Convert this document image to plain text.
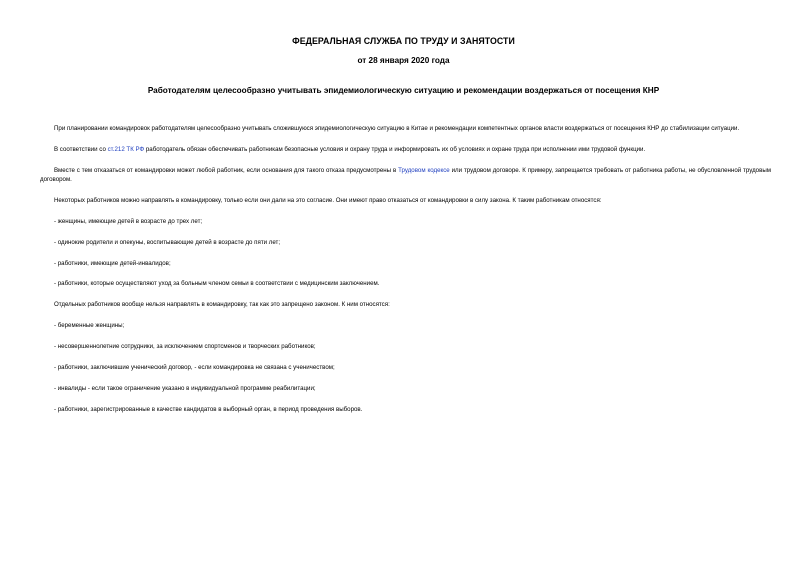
ФЕДЕРАЛЬНАЯ СЛУЖБА ПО ТРУДУ И ЗАНЯТОСТИ
от 28 января 2020 года
Работодателям целесообразно учитывать эпидемиологическую ситуацию и рекомендации воздержаться от посещения КНР

При планировании командировок работодателям целесообразно учитывать сложившуюся эпидемиологическую ситуацию в Китае и рекомендации компетентных органов власти воздержаться от посещения КНР до стабилизации ситуации.

В соответствии со ст.212 ТК РФ работодатель обязан обеспечивать работникам безопасные условия и охрану труда и информировать их об условиях и охране труда при исполнении ими трудовой функции.

Вместе с тем отказаться от командировки может любой работник, если основания для такого отказа предусмотрены в Трудовом кодексе или трудовом договоре. К примеру, запрещается требовать от работника работы, не обусловленной трудовым договором.

Некоторых работников можно направлять в командировку, только если они дали на это согласие. Они имеют право отказаться от командировки в силу закона. К таким работникам относятся:

- женщины, имеющие детей в возрасте до трех лет;

- одинокие родители и опекуны, воспитывающие детей в возрасте до пяти лет;

- работники, имеющие детей-инвалидов;

- работники, которые осуществляют уход за больным членом семьи в соответствии с медицинским заключением.

Отдельных работников вообще нельзя направлять в командировку, так как это запрещено законом. К ним относятся:

- беременные женщины;

- несовершеннолетние сотрудники, за исключением спортсменов и творческих работников;

- работники, заключившие ученический договор, - если командировка не связана с ученичеством;

- инвалиды - если такое ограничение указано в индивидуальной программе реабилитации;

- работники, зарегистрированные в качестве кандидатов в выборный орган, в период проведения выборов.
